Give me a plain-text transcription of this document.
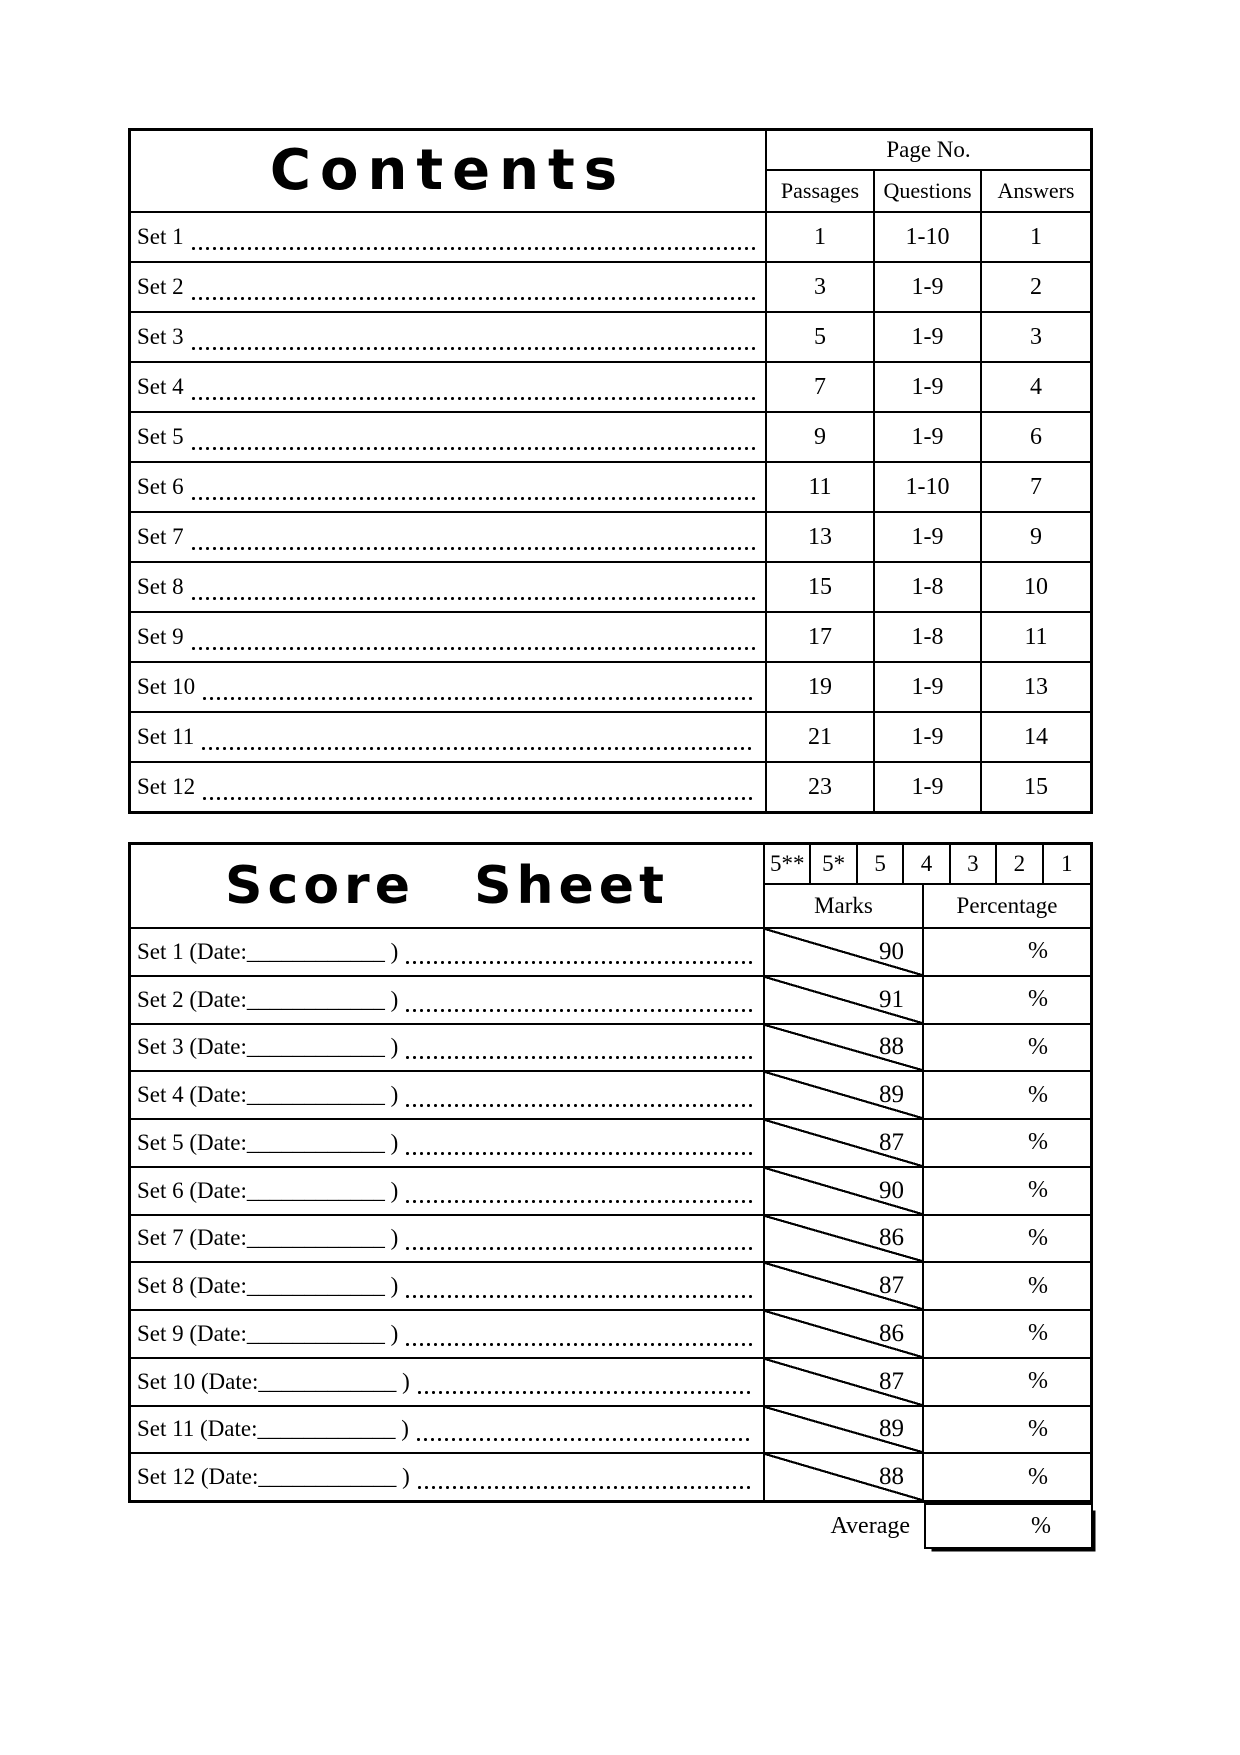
Contents	Page No.
Passages	Questions	Answers
Set 1	1	1-10	1
Set 2	3	1-9	2
Set 3	5	1-9	3
Set 4	7	1-9	4
Set 5	9	1-9	6
Set 6	11	1-10	7
Set 7	13	1-9	9
Set 8	15	1-8	10
Set 9	17	1-8	11
Set 10	19	1-9	13
Set 11	21	1-9	14
Set 12	23	1-9	15
Score Sheet	5** 5*	5	4	3	2	1
Marks	Percentage
Set 1 (Date:____________ )	90	%
Set 2 (Date:____________ )	91	%
Set 3 (Date:____________ )	88	%
Set 4 (Date:____________ )	89	%
Set 5 (Date:____________ )	87	%
Set 6 (Date:____________ )	90	%
Set 7 (Date:____________ )	86	%
Set 8 (Date:____________ )	87	%
Set 9 (Date:____________ )	86	%
Set 10 (Date:____________ )	87	%
Set 11 (Date:____________ )	89	%
Set 12 (Date:____________ )	88	%
Average	%
